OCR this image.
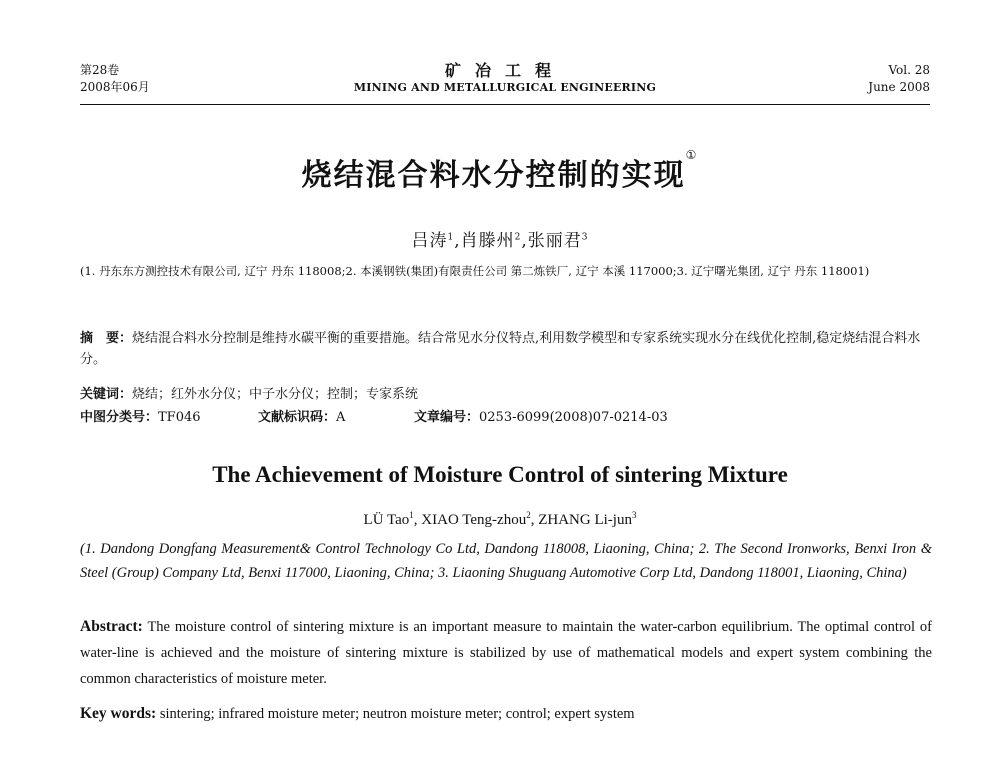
第28卷
2008年06月
矿冶工程
MINING AND METALLURGICAL ENGINEERING
Vol. 28
June 2008
烧结混合料水分控制的实现①
吕涛$^1$,肖滕州$^2$,张丽君$^3$
(1. 丹东东方测控技术有限公司, 辽宁 丹东 118008;2. 本溪钢铁(集团)有限责任公司 第二炼铁厂, 辽宁 本溪 117000;3. 辽宁曙光集团, 辽宁 丹东 118001)
摘　要：烧结混合料水分控制是维持水碳平衡的重要措施。结合常见水分仪特点,利用数学模型和专家系统实现水分在线优化控制,稳定烧结混合料水分。
关键词：烧结；红外水分仪；中子水分仪；控制；专家系统
中图分类号：TF046	文献标识码：A	文章编号：0253-6099(2008)07-0214-03
The Achievement of Moisture Control of sintering Mixture
LÜ Tao$^1$, XIAO Teng-zhou$^2$, ZHANG Li-jun$^3$
(1. Dandong Dongfang Measurement& Control Technology Co Ltd, Dandong 118008, Liaoning, China; 2. The Second Ironworks, Benxi Iron & Steel (Group) Company Ltd, Benxi 117000, Liaoning, China; 3. Liaoning Shuguang Automotive Corp Ltd, Dandong 118001, Liaoning, China)
Abstract: The moisture control of sintering mixture is an important measure to maintain the water-carbon equilibrium. The optimal control of water-line is achieved and the moisture of sintering mixture is stabilized by use of mathematical models and expert system combining the common characteristics of moisture meter.
Key words: sintering; infrared moisture meter; neutron moisture meter; control; expert system
